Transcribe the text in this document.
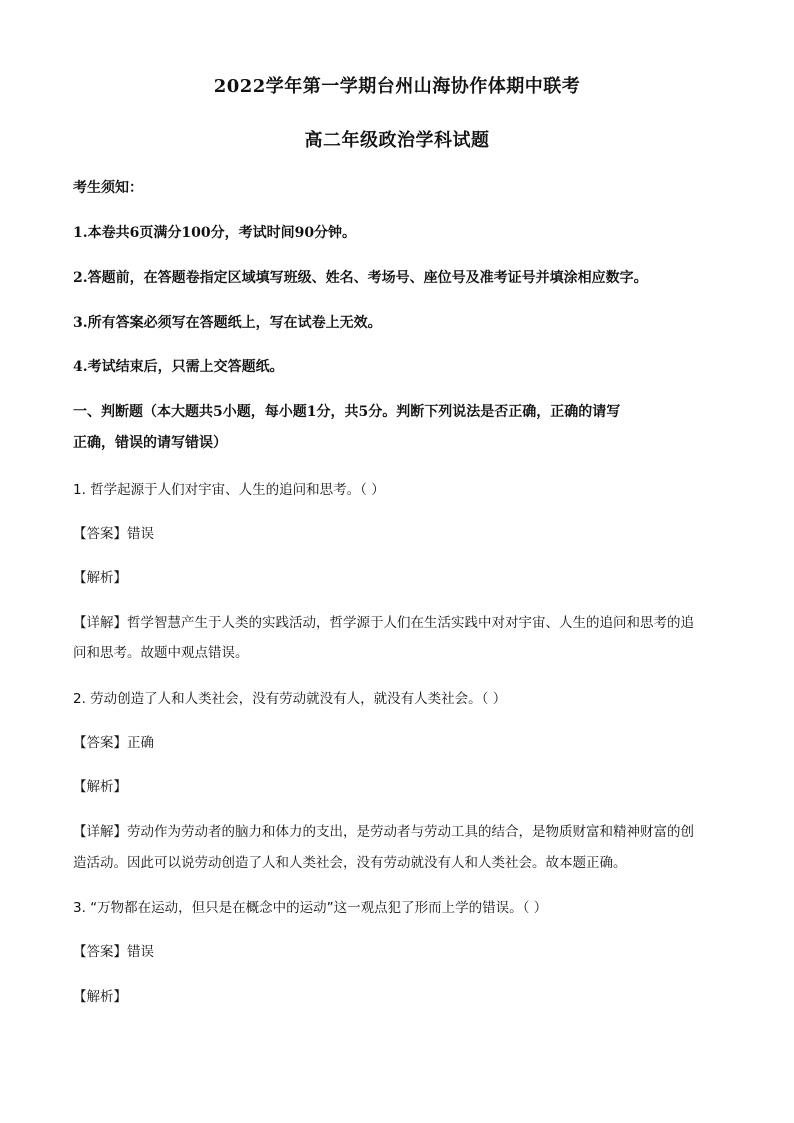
2022学年第一学期台州山海协作体期中联考
高二年级政治学科试题
考生须知：
1.本卷共6页满分100分，考试时间90分钟。
2.答题前，在答题卷指定区域填写班级、姓名、考场号、座位号及准考证号并填涂相应数字。
3.所有答案必须写在答题纸上，写在试卷上无效。
4.考试结束后，只需上交答题纸。
一、判断题（本大题共5小题，每小题1分，共5分。判断下列说法是否正确，正确的请写
正确，错误的请写错误）
1. 哲学起源于人们对宇宙、人生的追问和思考。（ ）
【答案】错误
【解析】
【详解】哲学智慧产生于人类的实践活动，哲学源于人们在生活实践中对对宇宙、人生的追问和思考的追
问和思考。故题中观点错误。
2. 劳动创造了人和人类社会，没有劳动就没有人，就没有人类社会。（ ）
【答案】正确
【解析】
【详解】劳动作为劳动者的脑力和体力的支出，是劳动者与劳动工具的结合，是物质财富和精神财富的创
造活动。因此可以说劳动创造了人和人类社会，没有劳动就没有人和人类社会。故本题正确。
3. “万物都在运动，但只是在概念中的运动”这一观点犯了形而上学的错误。（ ）
【答案】错误
【解析】
